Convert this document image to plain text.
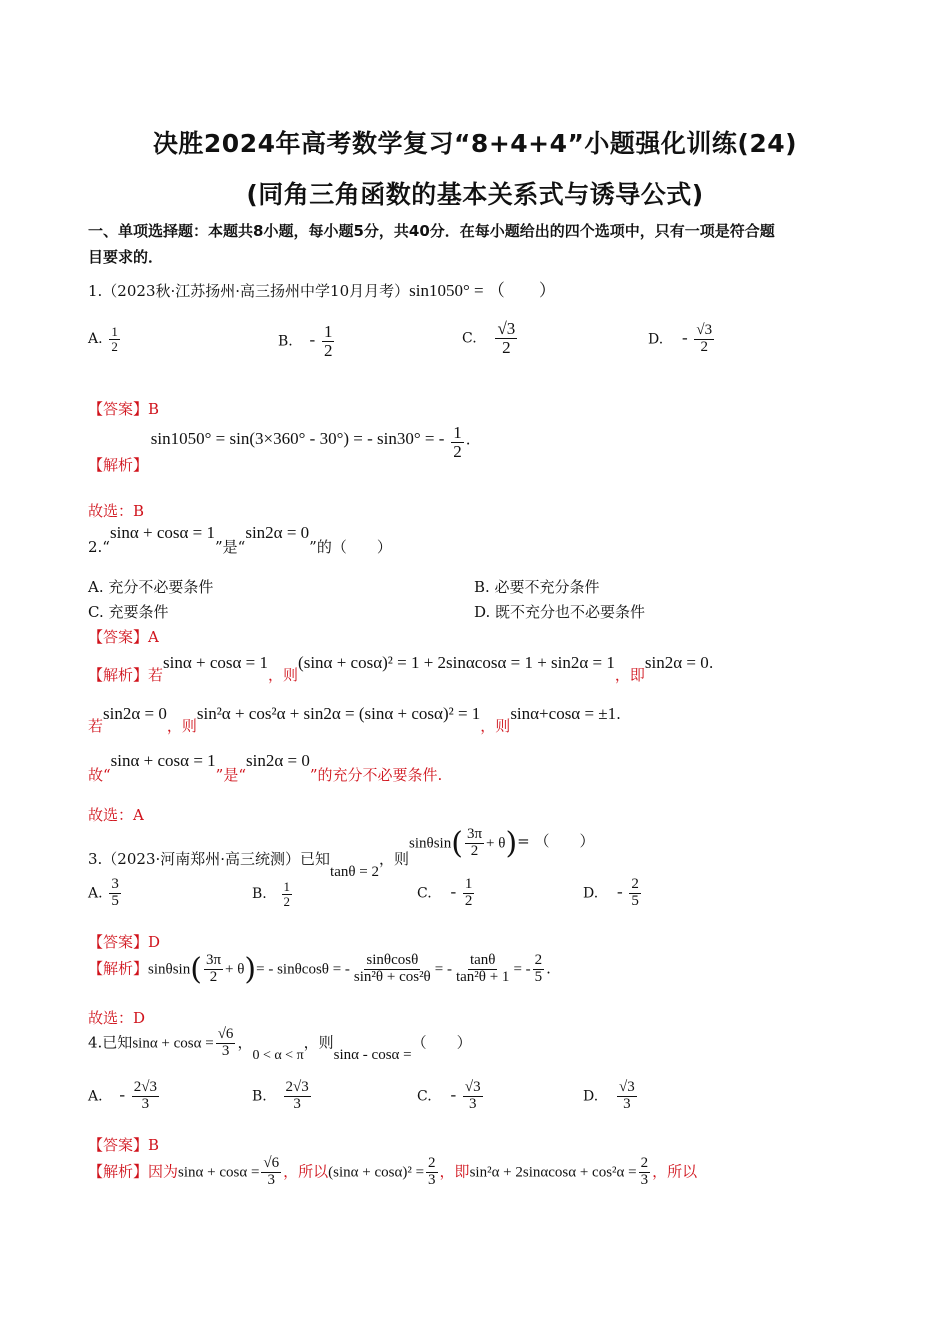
决胜2024年高考数学复习“8+4+4”小题强化训练(24)
(同角三角函数的基本关系式与诱导公式)
一、单项选择题：本题共8小题，每小题5分，共40分．在每小题给出的四个选项中，只有一项是符合题
目要求的．
1.（2023秋·江苏扬州·高三扬州中学10月月考）sin1050° = （　　）
A. $\frac{1}{2}$	B. - $\frac{1}{2}$	C. $\frac{√3}{2}$	D. - $\frac{√3}{2}$
【答案】B
【解析】 sin1050° = sin(3×360° - 30°) = - sin30° = - $\frac{1}{2}$ .
故选：B
2.“sinα + cosα = 1”是“sin2α = 0”的（　　）
A. 充分不必要条件	B. 必要不充分条件
C. 充要条件	D. 既不充分也不必要条件
【答案】A
【解析】若sinα + cosα = 1，则(sinα + cosα)² = 1 + 2sinαcosα = 1 + sin2α = 1，即sin2α = 0.
若sin2α = 0，则sin²α + cos²α + sin2α = (sinα + cosα)² = 1，则sinα+cosα = ±1.
故“sinα + cosα = 1”是“sin2α = 0”的充分不必要条件.
故选：A
3.（2023·河南郑州·高三统测）已知tanθ = 2，则$\sin\theta\sin( \frac{3\pi}{2} + \theta)=$ （　　）
A. $\frac{3}{5}$	B. $\frac{1}{2}$	C. - $\frac{1}{2}$	D. - $\frac{2}{5}$
【答案】D
【解析】$\sin\theta\sin( \frac{3\pi}{2} + \theta)= - \sin\theta\cos\theta$ = - $\frac{\sin\theta\cos\theta}{\text{sin²θ + cos²θ}}$ = - $\frac{\tan\theta}{\text{tan²θ + 1}}$ = - $\frac{2}{5}$ .
故选：D
4.已知$\sin\alpha + \cos\alpha = \frac{√6}{3}$ ，0 < α < π，则sinα - cosα =（　　）
A. - $\frac{2√3}{3}$	B. $\frac{2√3}{3}$	C. - $\frac{√3}{3}$	D. $\frac{√3}{3}$
【答案】B
【解析】因为$\sin\alpha + \cos\alpha = \frac{√6}{3}$ ，所以$(\sin\alpha + \cos\alpha)^2 = \frac{2}{3}$ ，即$\sin^2\alpha + 2\sin\alpha\cos\alpha + \cos^2\alpha = \frac{2}{3}$ ，所以
